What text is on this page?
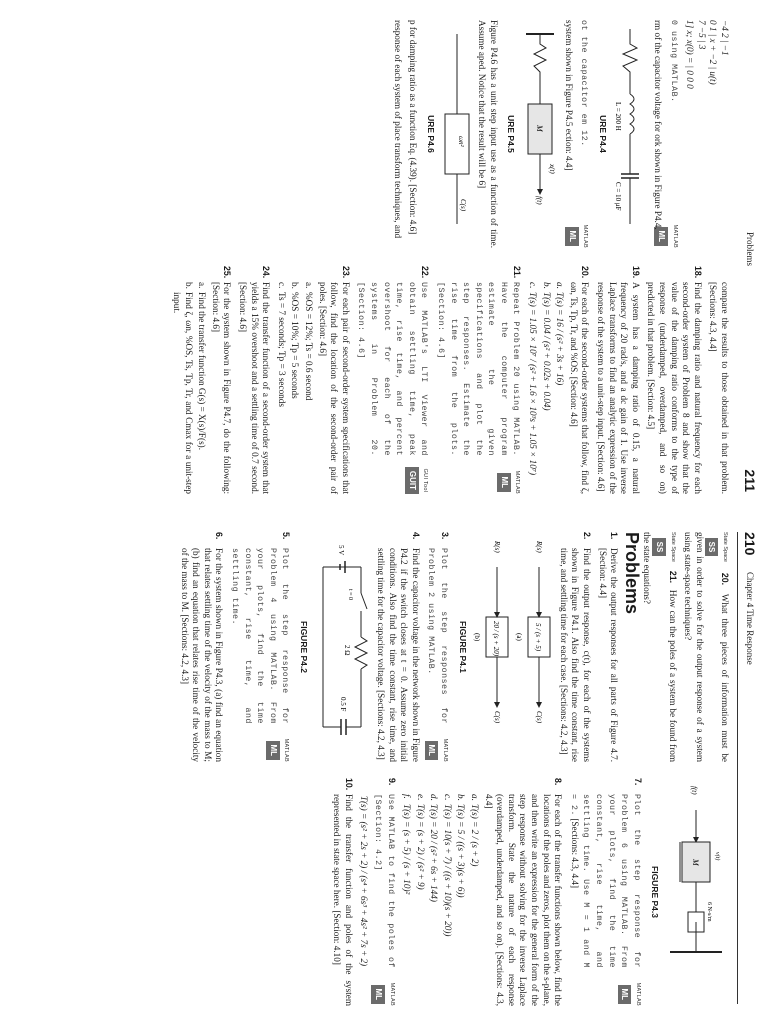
211
Problems
compare the results to those obtained in that problem. [Sections: 4.3, 4.4]
18.
Find the damping ratio and natural frequency for each second-order system of Problem 8 and show that the value of the damping ratio conforms to the type of response (underdamped, overdamped, and so on) predicted in that problem. [Section: 4.5]
19.
A system has a damping ratio of 0.15, a natural frequency of 20 rad/s, and a dc gain of 1. Use inverse Laplace transforms to find an analytic expression of the response of the system to a unit-step input. [Section: 4.6]
20.
For each of the second-order systems that follow, find ζ, ωn, Ts, Tp, Tr, and %OS. [Section: 4.6]
a.
T(s) = 16 / (s² + 3s + 16)
b.
T(s) = 0.04 / (s² + 0.02s + 0.04)
c.
T(s) = 1.05 × 10⁷ / (s² + 1.6 × 10³s + 1.05 × 10⁷)
21.
Repeat Problem 20 using MATLAB. Have the computer program estimate the given specifications and plot the step responses. Estimate the rise time from the plots. [Section: 4.6]
MATLAB
ML
22.
Use MATLAB's LTI Viewer and obtain settling time, peak time, rise time, and percent overshoot for each of the systems in Problem 20. [Section: 4.6]
GUI Tool
GUIT
23.
For each pair of second-order system specifications that follow, find the location of the second-order pair of poles. [Section: 4.6]
a.
%OS = 12%; Ts = 0.6 second
b.
%OS = 10%; Tp = 5 seconds
c.
Ts = 7 seconds; Tp = 3 seconds
24.
Find the transfer function of a second-order system that yields a 15% overshoot and a settling time of 0.7 second. [Section: 4.6]
25.
For the system shown in Figure P4.7, do the following: [Section: 4.6]
a.
Find the transfer function G(s) = X(s)/F(s).
b.
Find ζ, ωn, %OS, Ts, Tp, Tr, and Cmax for a unit-step input.
−4 2 | −1
0 1 | x + −2 | u(t)
7 −5 | 3
1] x; x(0) = | 0 0 0
0 using MATLAB.
MATLAB
ML
rm of the capacitor voltage for ork shown in Figure P4.4.
L = 200 H
C = 10 μF
URE P4.4
ot the capacitor em 12.
MATLAB
ML
system shown in Figure P4.5 ection: 4.4]
M
f(t)
x(t)
URE P4.5
Figure P4.6 has a unit step input use as a function of time. Assume aped. Notice that the result will be 6]
ωn²
C(s)
URE P4.6
p for damping ratio as a function Eq. (4.39). [Section: 4.6]
response of each system of place transform techniques, and
210
Chapter 4 Time Response
State Space
SS 20. What three pieces of information must be given in order to solve for the output response of a system using state-space techniques?
State Space
SS 21. How can the poles of a system be found from the state equations?
Problems
1.
Derive the output responses for all parts of Figure 4.7. [Section: 4.4]
2.
Find the output response, c(t), for each of the systems shown in Figure P4.1. Also find the time constant, rise time, and settling time for each case. [Sections: 4.2, 4.3]
R(s)
5 / (s + 5)
C(s)
(a)
R(s)
20 / (s + 20)
C(s)
(b)
FIGURE P4.1
3.
Plot the step responses for Problem 2 using MATLAB.
MATLAB
ML
4.
Find the capacitor voltage in the network shown in Figure P4.2 if the switch closes at t = 0. Assume zero initial conditions. Also find the time constant, rise time, and settling time for the capacitor voltage. [Sections: 4.2, 4.3]
5 V
t = 0
2 Ω
0.5 F
FIGURE P4.2
5.
Plot the step response for Problem 4 using MATLAB. From your plots, find the time constant, rise time, and settling time.
MATLAB
ML
6.
For the system shown in Figure P4.3, (a) find an equation that relates settling time of the velocity of the mass to M; (b) find an equation that relates rise time of the velocity of the mass to M. [Sections: 4.2, 4.3]
f(t)
M
v(t)
6 N-s/m
FIGURE P4.3
7.
Plot the step response for Problem 6 using MATLAB. From your plots, find the time constant, rise time, and settling time. Use M = 1 and M = 2. [Sections: 4.3, 4.4]
MATLAB
ML
8.
For each of the transfer functions shown below, find the locations of the poles and zeros, plot them on the s-plane, and then write an expression for the general form of the step response without solving for the inverse Laplace transform. State the nature of each response (overdamped, underdamped, and so on). [Sections: 4.3, 4.4]
a.
T(s) = 2 / (s + 2)
b.
T(s) = 5 / ((s + 3)(s + 6))
c.
T(s) = 10(s + 7) / ((s + 10)(s + 20))
d.
T(s) = 20 / (s² + 6s + 144)
e.
T(s) = (s + 2) / (s² + 9)
f.
T(s) = (s + 5) / (s + 10)²
9.
Use MATLAB to find the poles of [Section: 4.2]
MATLAB
ML
T(s) = (s² + 2s + 2) / (s⁴ + 6s³ + 4s² + 7s + 2)
10.
Find the transfer function and poles of the system represented in state space here. [Section: 4.10]
